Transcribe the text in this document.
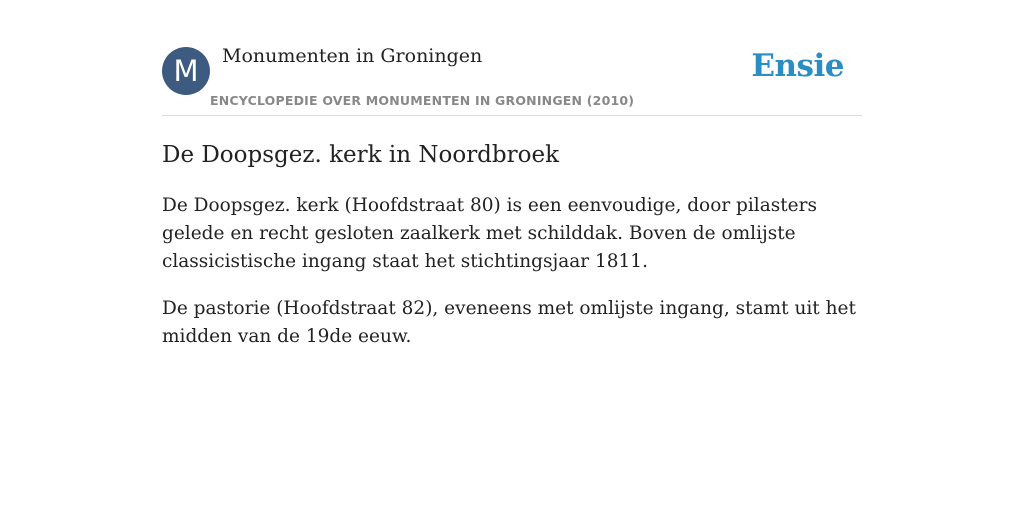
M	Monumenten in Groningen
ENCYCLOPEDIE OVER MONUMENTEN IN GRONINGEN (2010)
Ensie
De Doopsgez. kerk in Noordbroek

De Doopsgez. kerk (Hoofdstraat 80) is een eenvoudige, door pilasters gelede en recht gesloten zaalkerk met schilddak. Boven de omlijste classicistische ingang staat het stichtingsjaar 1811.

De pastorie (Hoofdstraat 82), eveneens met omlijste ingang, stamt uit het midden van de 19de eeuw.
